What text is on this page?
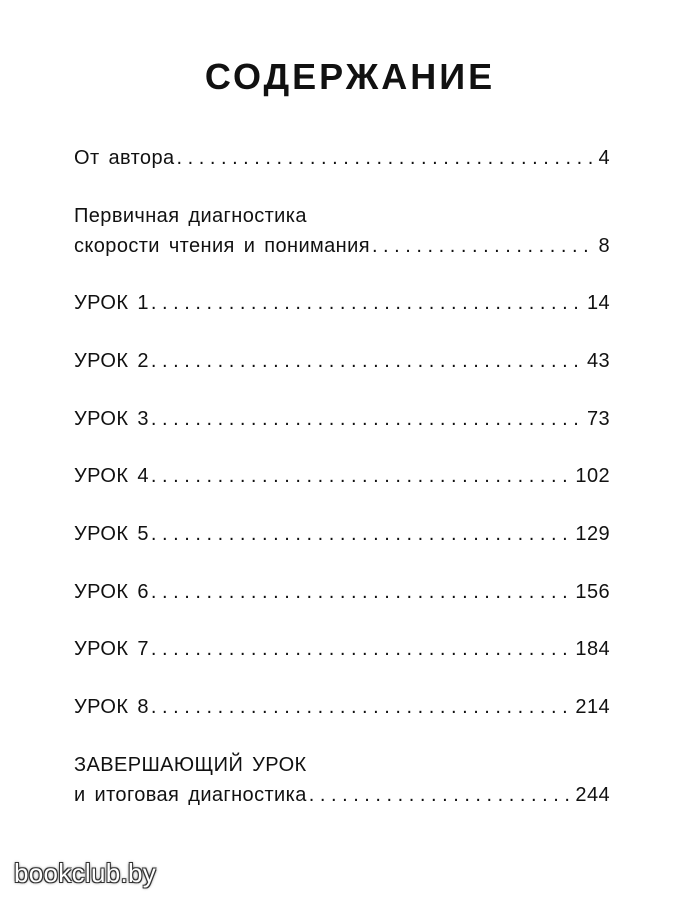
СОДЕРЖАНИЕ
От автора . . .	4
Первичная диагностика
скорости чтения и понимания . . .	8
УРОК 1 . . .	14
УРОК 2 . . .	43
УРОК 3 . . .	73
УРОК 4 . . .	102
УРОК 5 . . .	129
УРОК 6 . . .	156
УРОК 7 . . .	184
УРОК 8 . . .	214
ЗАВЕРШАЮЩИЙ УРОК
и итоговая диагностика . . .	244
bookclub.by
